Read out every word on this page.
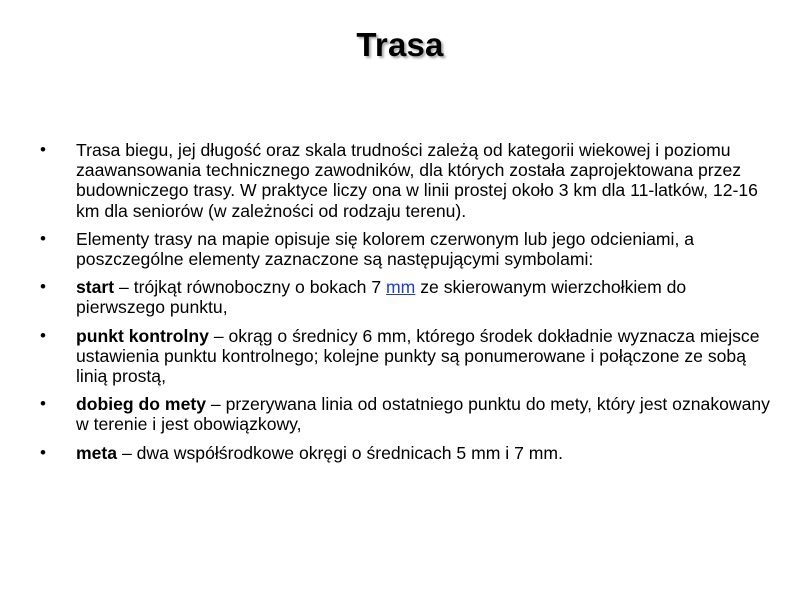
Trasa
•	Trasa biegu, jej długość oraz skala trudności zależą od kategorii wiekowej i poziomu zaawansowania technicznego zawodników, dla których została zaprojektowana przez budowniczego trasy. W praktyce liczy ona w linii prostej około 3 km dla 11-latków, 12-16 km dla seniorów (w zależności od rodzaju terenu).
•	Elementy trasy na mapie opisuje się kolorem czerwonym lub jego odcieniami, a poszczególne elementy zaznaczone są następującymi symbolami:
•	start – trójkąt równoboczny o bokach 7 mm ze skierowanym wierzchołkiem do pierwszego punktu,
•	punkt kontrolny – okrąg o średnicy 6 mm, którego środek dokładnie wyznacza miejsce ustawienia punktu kontrolnego; kolejne punkty są ponumerowane i połączone ze sobą linią prostą,
•	dobieg do mety – przerywana linia od ostatniego punktu do mety, który jest oznakowany w terenie i jest obowiązkowy,
•	meta – dwa współśrodkowe okręgi o średnicach 5 mm i 7 mm.
